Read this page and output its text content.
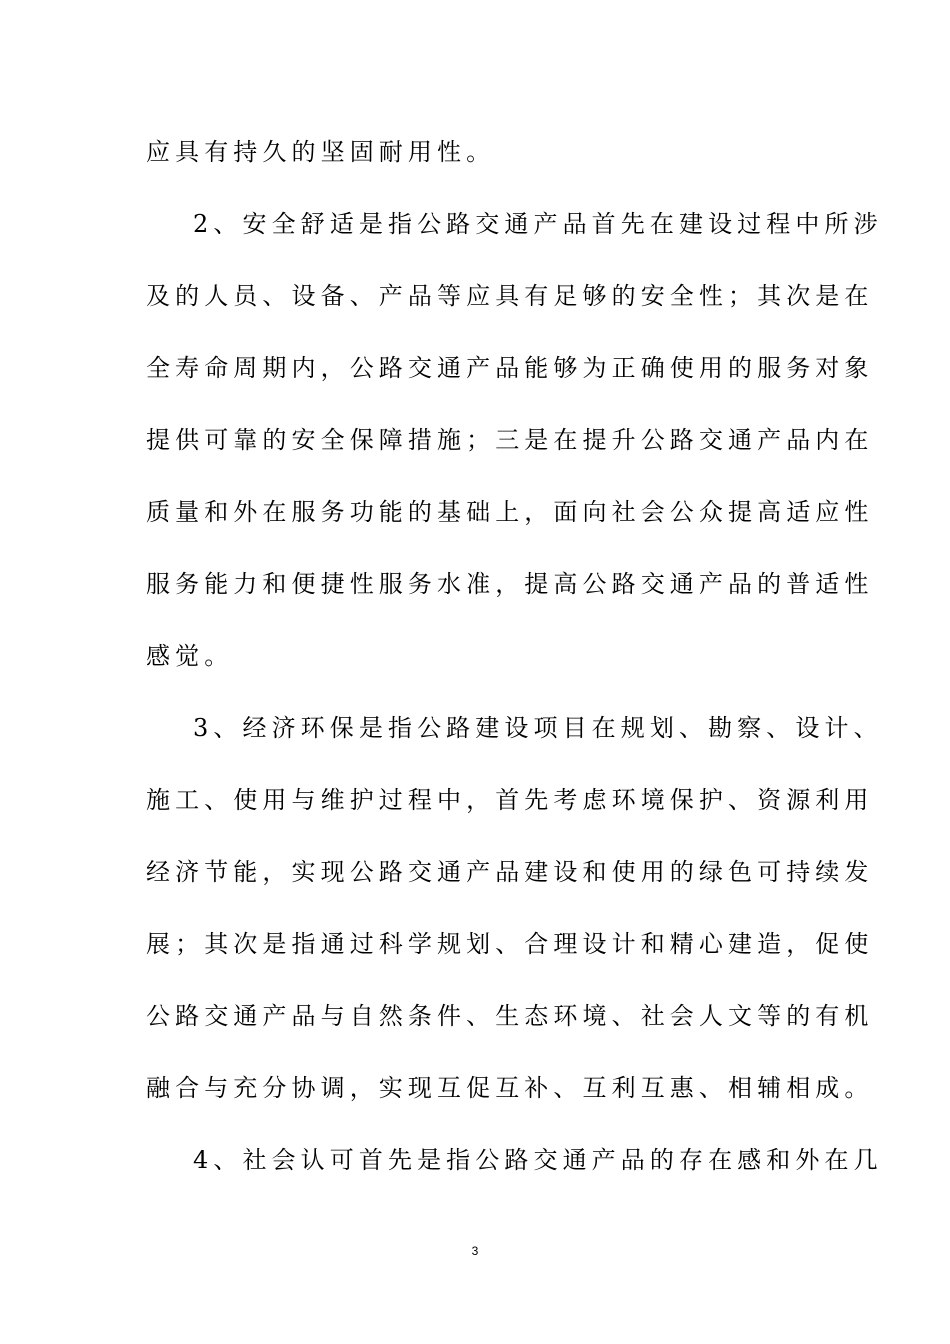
应具有持久的坚固耐用性。
2、安全舒适是指公路交通产品首先在建设过程中所涉
及的人员、设备、产品等应具有足够的安全性；其次是在
全寿命周期内，公路交通产品能够为正确使用的服务对象
提供可靠的安全保障措施；三是在提升公路交通产品内在
质量和外在服务功能的基础上，面向社会公众提高适应性
服务能力和便捷性服务水准，提高公路交通产品的普适性
感觉。
3、经济环保是指公路建设项目在规划、勘察、设计、
施工、使用与维护过程中，首先考虑环境保护、资源利用
经济节能，实现公路交通产品建设和使用的绿色可持续发
展；其次是指通过科学规划、合理设计和精心建造，促使
公路交通产品与自然条件、生态环境、社会人文等的有机
融合与充分协调，实现互促互补、互利互惠、相辅相成。
4、社会认可首先是指公路交通产品的存在感和外在几
3
